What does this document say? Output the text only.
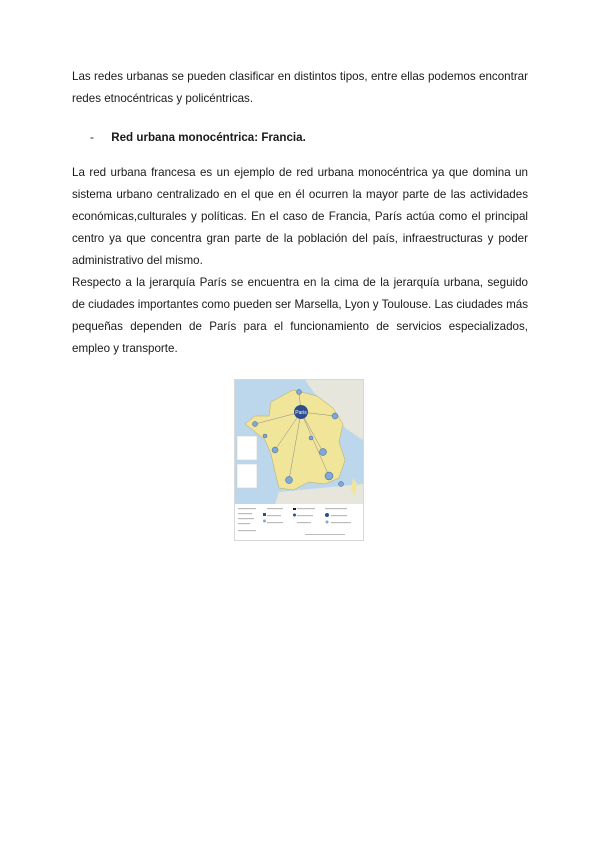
Las redes urbanas se pueden clasificar en distintos tipos, entre ellas podemos encontrar redes etnocéntricas y policéntricas.

- Red urbana monocéntrica: Francia.

La red urbana francesa es un ejemplo de red urbana monocéntrica ya que domina un sistema urbano centralizado en el que en él ocurren la mayor parte de las actividades económicas,culturales y políticas. En el caso de Francia, París actúa como el principal centro ya que concentra gran parte de la población del país, infraestructuras y poder administrativo del mismo.

Respecto a la jerarquía París se encuentra en la cima de la jerarquía urbana, seguido de ciudades importantes como pueden ser Marsella, Lyon y Toulouse. Las ciudades más pequeñas dependen de París para el funcionamiento de servicios especializados, empleo y transporte.

Paris
